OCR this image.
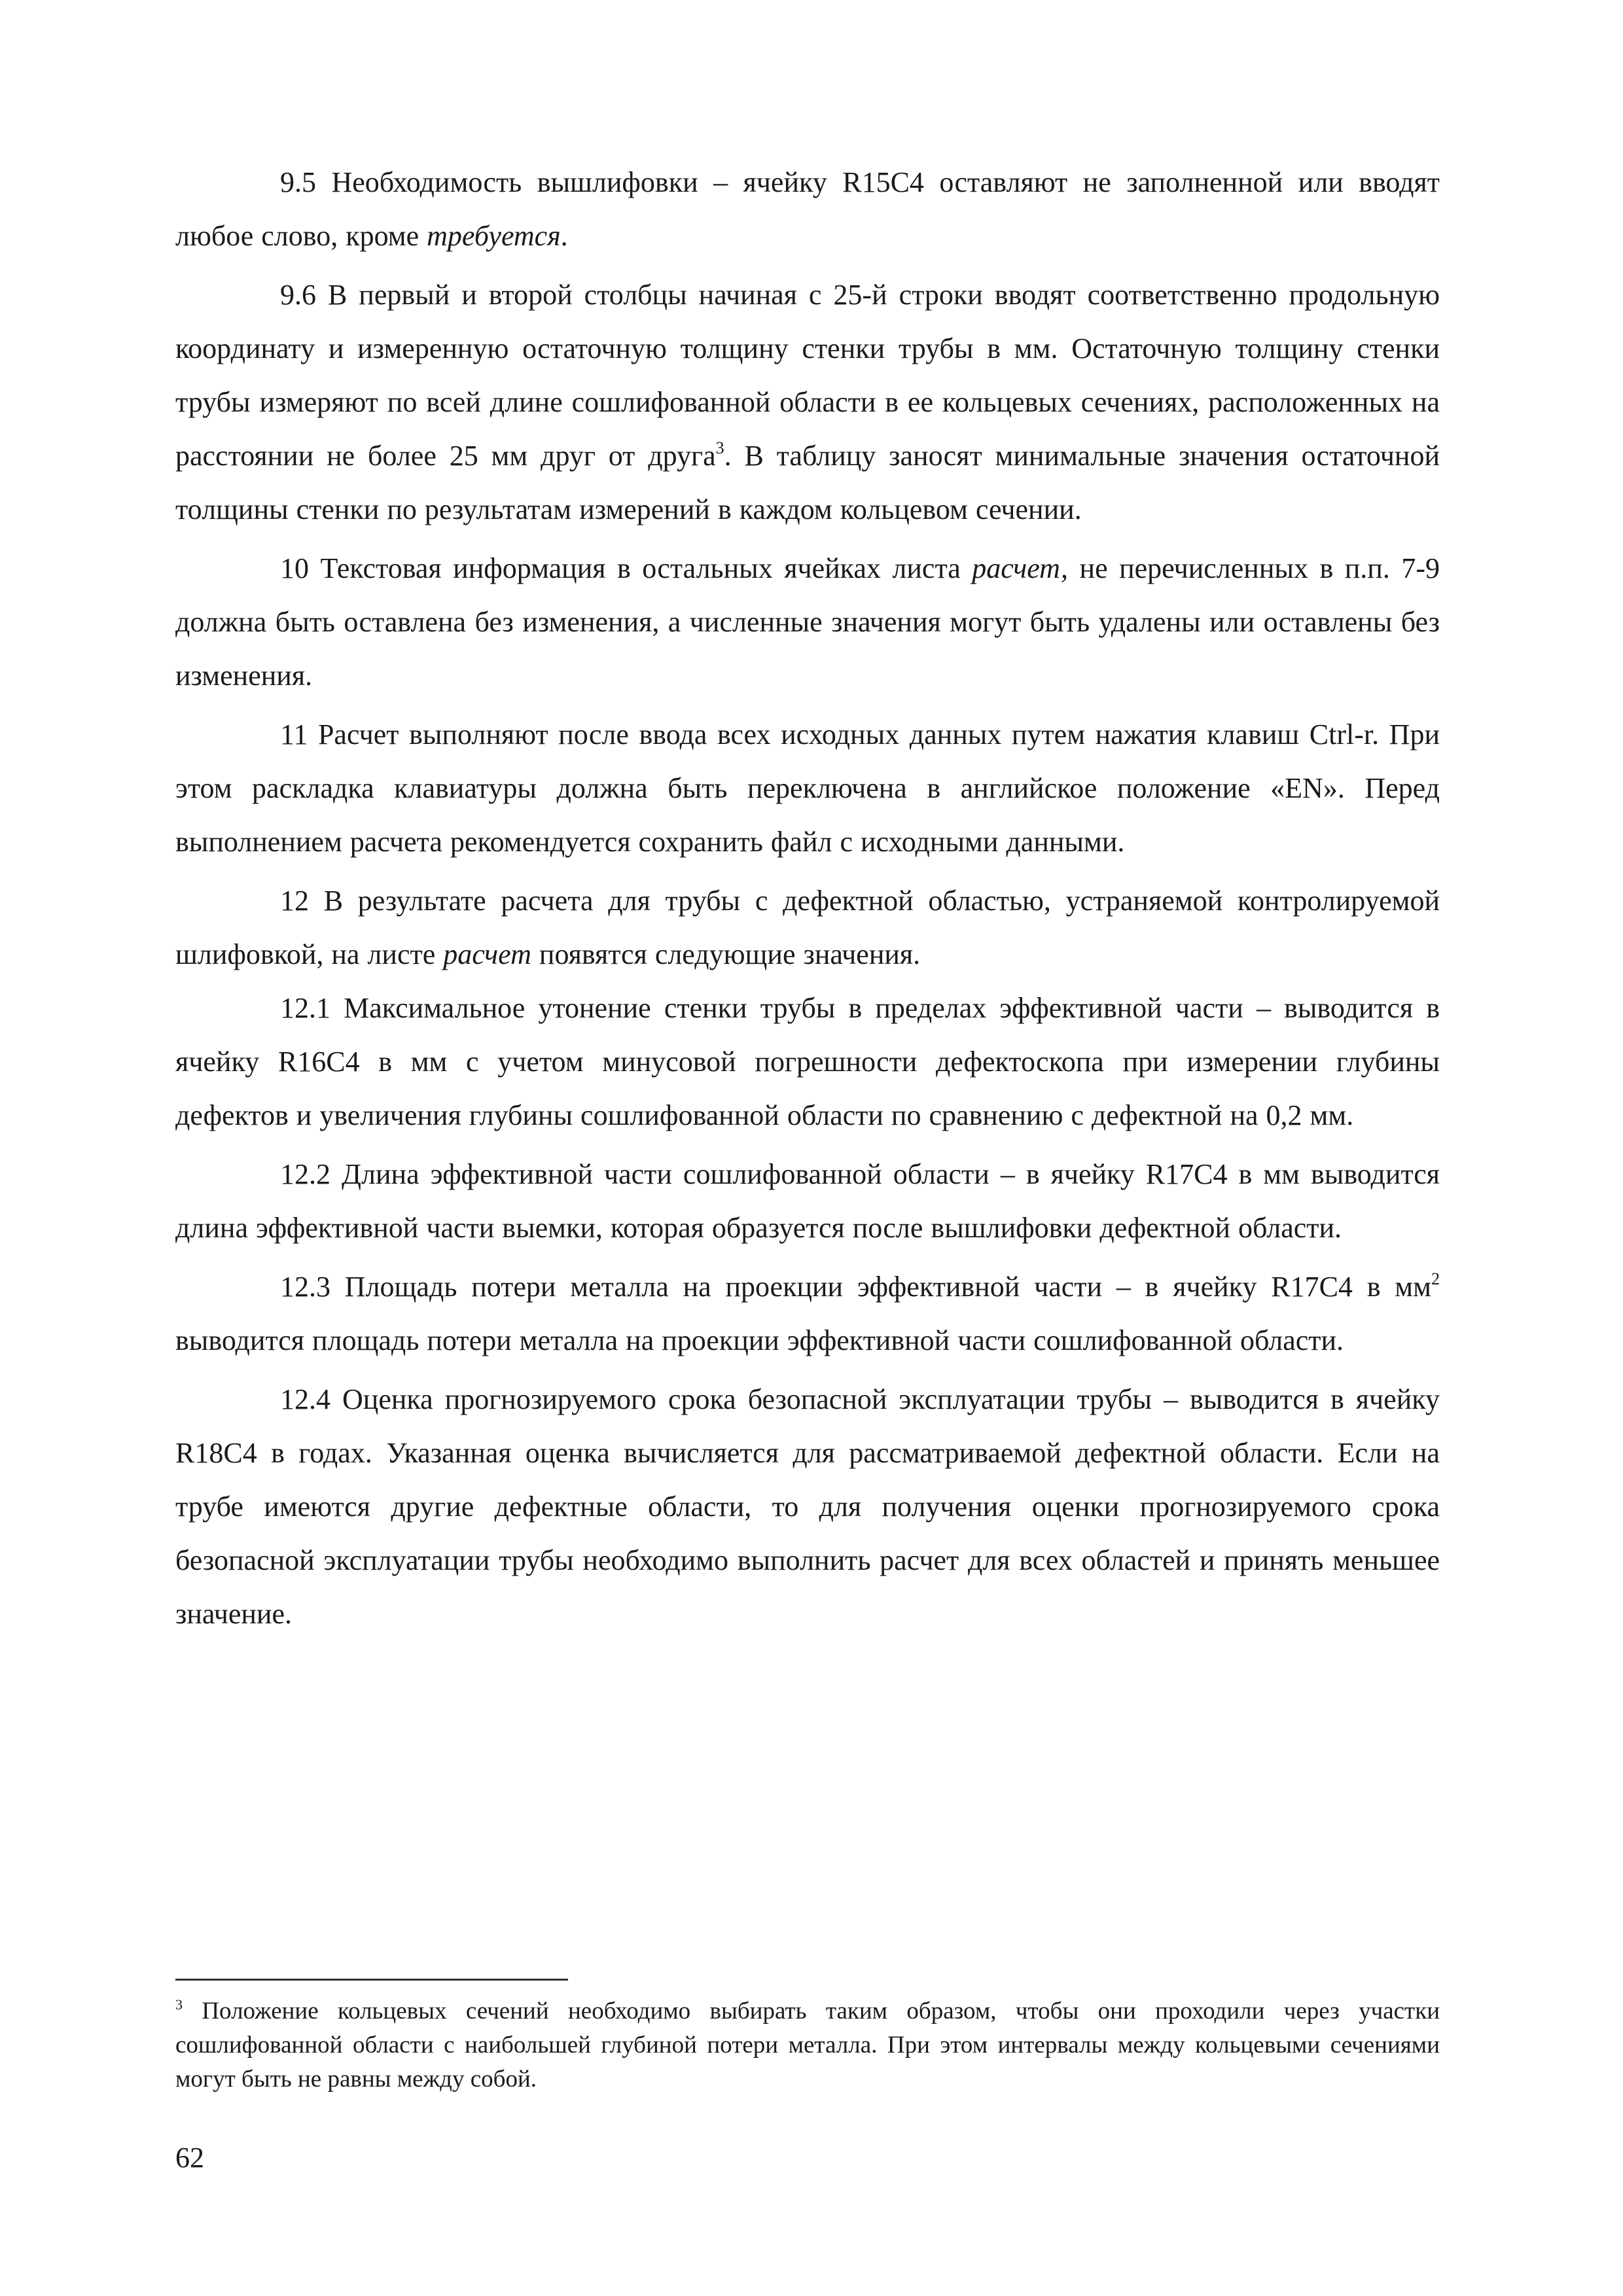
9.5 Необходимость вышлифовки – ячейку R15C4 оставляют не заполненной или вводят любое слово, кроме требуется.

9.6 В первый и второй столбцы начиная с 25-й строки вводят соответственно продольную координату и измеренную остаточную толщину стенки трубы в мм. Остаточную толщину стенки трубы измеряют по всей длине сошлифованной области в ее кольцевых сечениях, расположенных на расстоянии не более 25 мм друг от друга$^3$. В таблицу заносят минимальные значения остаточной толщины стенки по результатам измерений в каждом кольцевом сечении.

10 Текстовая информация в остальных ячейках листа расчет, не перечисленных в п.п. 7-9 должна быть оставлена без изменения, а численные значения могут быть удалены или оставлены без изменения.

11 Расчет выполняют после ввода всех исходных данных путем нажатия клавиш Ctrl-r. При этом раскладка клавиатуры должна быть переключена в английское положение «EN». Перед выполнением расчета рекомендуется сохранить файл с исходными данными.

12 В результате расчета для трубы с дефектной областью, устраняемой контролируемой шлифовкой, на листе расчет появятся следующие значения.

12.1 Максимальное утонение стенки трубы в пределах эффективной части – выводится в ячейку R16C4 в мм с учетом минусовой погрешности дефектоскопа при измерении глубины дефектов и увеличения глубины сошлифованной области по сравнению с дефектной на 0,2 мм.

12.2 Длина эффективной части сошлифованной области – в ячейку R17C4 в мм выводится длина эффективной части выемки, которая образуется после вышлифовки дефектной области.

12.3 Площадь потери металла на проекции эффективной части – в ячейку R17C4 в $мм^2$ выводится площадь потери металла на проекции эффективной части сошлифованной области.

12.4 Оценка прогнозируемого срока безопасной эксплуатации трубы – выводится в ячейку R18C4 в годах. Указанная оценка вычисляется для рассматриваемой дефектной области. Если на трубе имеются другие дефектные области, то для получения оценки прогнозируемого срока безопасной эксплуатации трубы необходимо выполнить расчет для всех областей и принять меньшее значение.

$^3$ Положение кольцевых сечений необходимо выбирать таким образом, чтобы они проходили через участки сошлифованной области с наибольшей глубиной потери металла. При этом интервалы между кольцевыми сечениями могут быть не равны между собой.

62
